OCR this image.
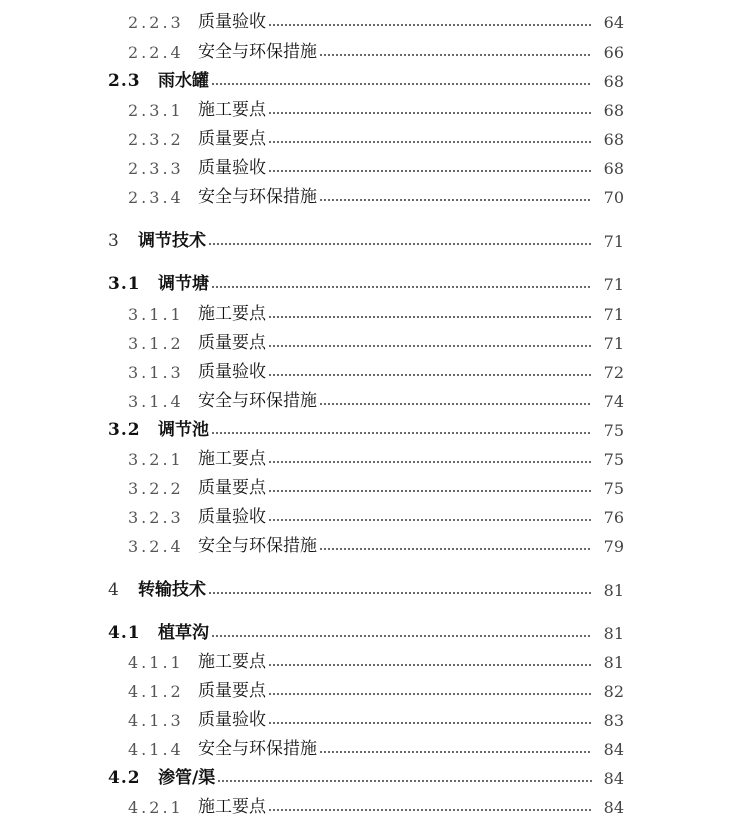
2.2.3 质量验收	64
2.2.4 安全与环保措施	66
2.3	雨水罐	68
2.3.1 施工要点	68
2.3.2 质量要点	68
2.3.3 质量验收	68
2.3.4 安全与环保措施	70
3	调节技术	71
3.1	调节塘	71
3.1.1 施工要点	71
3.1.2 质量要点	71
3.1.3 质量验收	72
3.1.4 安全与环保措施	74
3.2	调节池	75
3.2.1 施工要点	75
3.2.2 质量要点	75
3.2.3 质量验收	76
3.2.4 安全与环保措施	79
4	转输技术	81
4.1	植草沟	81
4.1.1 施工要点	81
4.1.2 质量要点	82
4.1.3 质量验收	83
4.1.4 安全与环保措施	84
4.2	渗管/渠	84
4.2.1 施工要点	84
